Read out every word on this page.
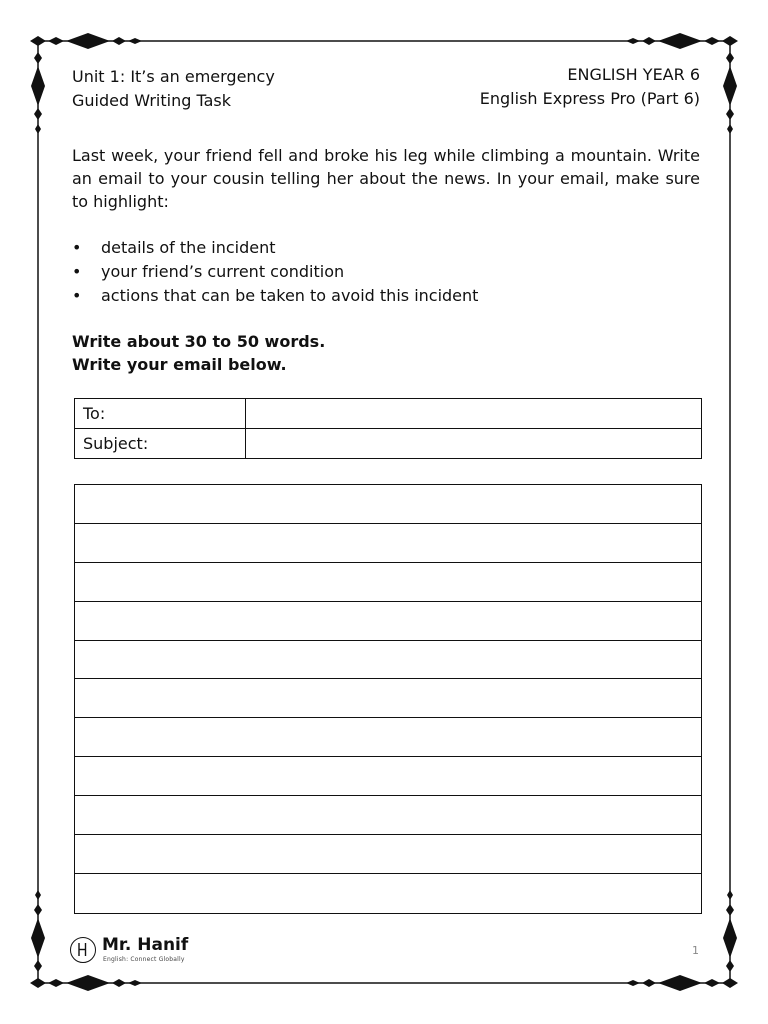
Unit 1: It’s an emergency
Guided Writing Task
ENGLISH YEAR 6
English Express Pro (Part 6)
Last week, your friend fell and broke his leg while climbing a mountain. Write an email to your cousin telling her about the news. In your email, make sure to highlight:
• details of the incident
• your friend’s current condition
• actions that can be taken to avoid this incident
Write about 30 to 50 words.
Write your email below.
To:	
Subject:	
Mr. Hanif
English: Connect Globally
1
